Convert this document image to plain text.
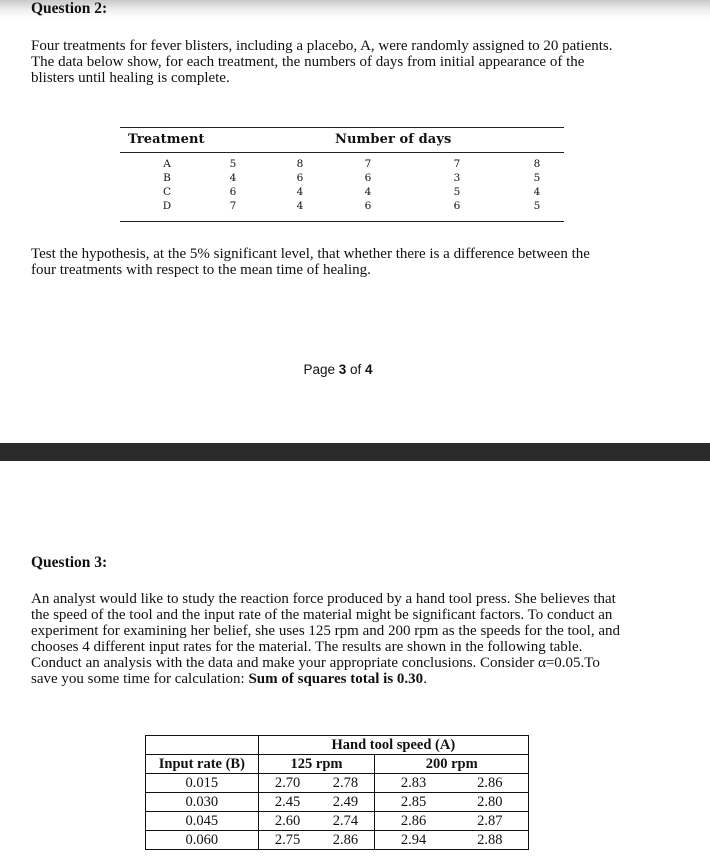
Question 2:
Four treatments for fever blisters, including a placebo, A, were randomly assigned to 20 patients.
The data below show, for each treatment, the numbers of days from initial appearance of the
blisters until healing is complete.
Treatment	Number of days
A	5	8	7	7	8
B	4	6	6	3	5
C	6	4	4	5	4
D	7	4	6	6	5
Test the hypothesis, at the 5% significant level, that whether there is a difference between the
four treatments with respect to the mean time of healing.
Page 3 of 4
Question 3:
An analyst would like to study the reaction force produced by a hand tool press. She believes that
the speed of the tool and the input rate of the material might be significant factors. To conduct an
experiment for examining her belief, she uses 125 rpm and 200 rpm as the speeds for the tool, and
chooses 4 different input rates for the material. The results are shown in the following table.
Conduct an analysis with the data and make your appropriate conclusions. Consider α=0.05.To
save you some time for calculation: Sum of squares total is 0.30.
	Hand tool speed (A)	
Input rate (B)	125 rpm	200 rpm
0.015	2.70 2.78	2.83 2.86

0.030	2.45 2.49	2.85 2.80

0.045	2.60 2.74	2.86 2.87

0.060	2.75 2.86	2.94 2.88
